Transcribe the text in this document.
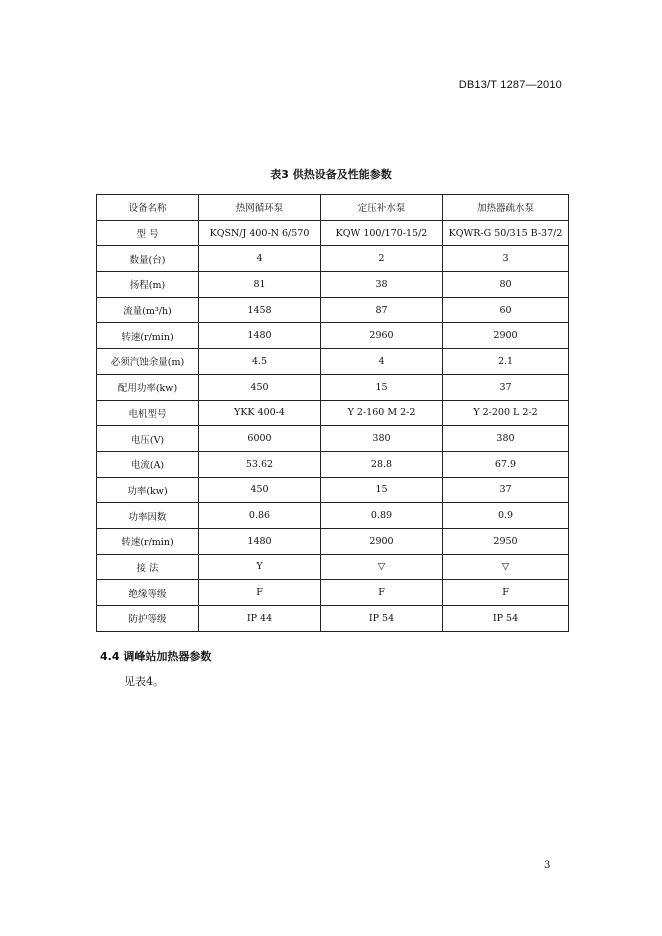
DB13/T 1287—2010
表3 供热设备及性能参数
设备名称	热网循环泵	定压补水泵	加热器疏水泵
型 号	KQSN/J 400-N 6/570	KQW 100/170-15/2	KQWR-G 50/315 B-37/2
数量(台)	4	2	3
扬程(m)	81	38	80
流量(m³/h)	1458	87	60
转速(r/min)	1480	2960	2900
必须汽蚀余量(m)	4.5	4	2.1
配用功率(kw)	450	15	37
电机型号	YKK 400-4	Y 2-160 M 2-2	Y 2-200 L 2-2
电压(V)	6000	380	380
电流(A)	53.62	28.8	67.9
功率(kw)	450	15	37
功率因数	0.86	0.89	0.9
转速(r/min)	1480	2900	2950
接 法	Y	▽	▽
绝缘等级	F	F	F
防护等级	IP 44	IP 54	IP 54
4.4 调峰站加热器参数
见表4。
3
